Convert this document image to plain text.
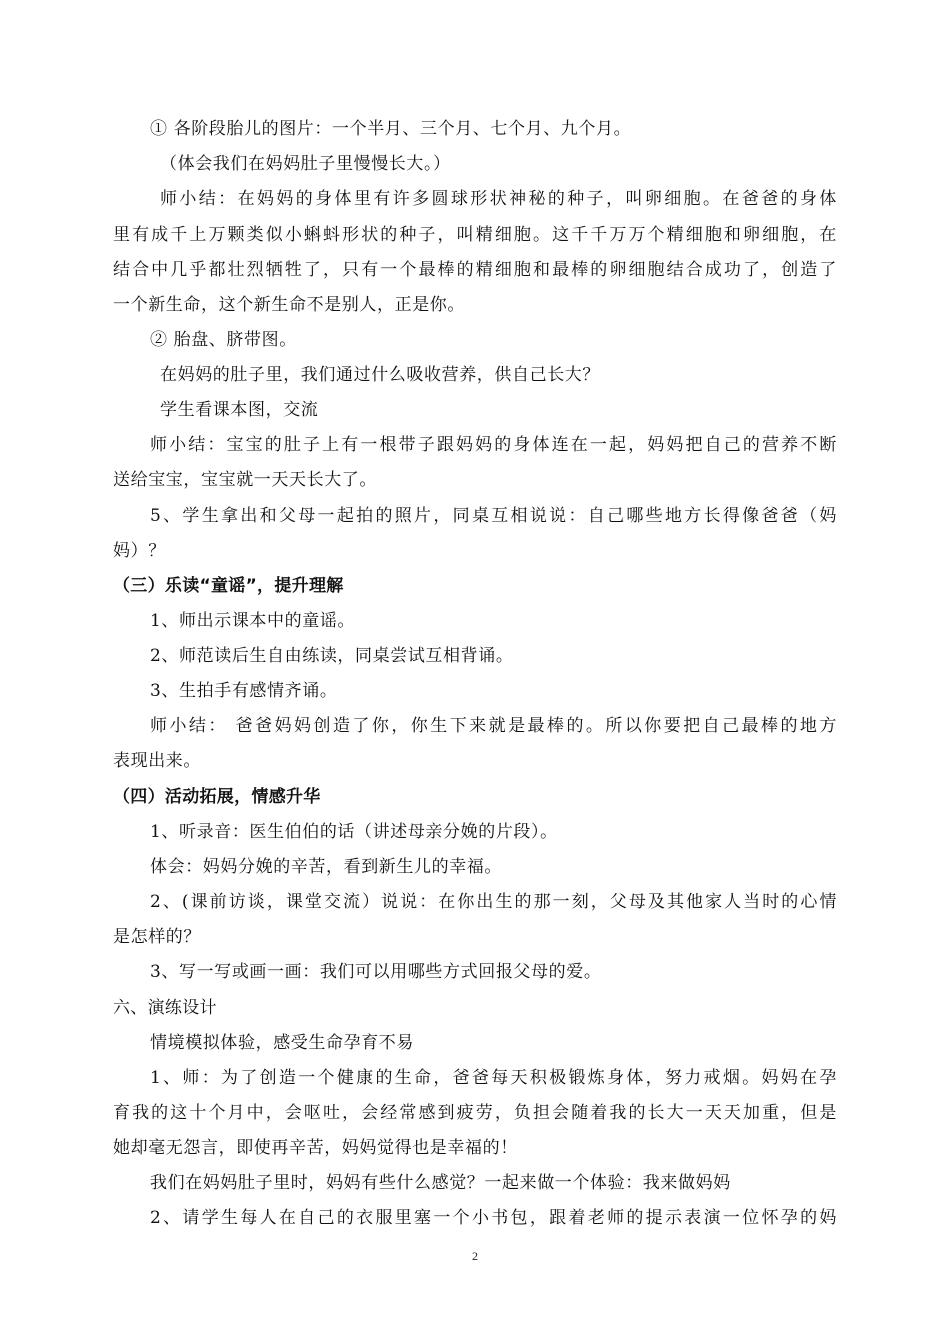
① 各阶段胎儿的图片：一个半月、三个月、七个月、九个月。
（体会我们在妈妈肚子里慢慢长大。）
师小结：在妈妈的身体里有许多圆球形状神秘的种子，叫卵细胞。在爸爸的身体
里有成千上万颗类似小蝌蚪形状的种子，叫精细胞。这千千万万个精细胞和卵细胞，在
结合中几乎都壮烈牺牲了，只有一个最棒的精细胞和最棒的卵细胞结合成功了，创造了
一个新生命，这个新生命不是别人，正是你。
② 胎盘、脐带图。
在妈妈的肚子里，我们通过什么吸收营养，供自己长大？
学生看课本图，交流
师小结：宝宝的肚子上有一根带子跟妈妈的身体连在一起，妈妈把自己的营养不断
送给宝宝，宝宝就一天天长大了。
5、学生拿出和父母一起拍的照片，同桌互相说说：自己哪些地方长得像爸爸（妈
妈）？
（三）乐读“童谣”，提升理解
1、师出示课本中的童谣。
2、师范读后生自由练读，同桌尝试互相背诵。
3、生拍手有感情齐诵。
师小结： 爸爸妈妈创造了你，你生下来就是最棒的。所以你要把自己最棒的地方
表现出来。
（四）活动拓展，情感升华
1、听录音：医生伯伯的话（讲述母亲分娩的片段）。
体会：妈妈分娩的辛苦，看到新生儿的幸福。
2、(课前访谈，课堂交流）说说：在你出生的那一刻，父母及其他家人当时的心情
是怎样的？
3、写一写或画一画：我们可以用哪些方式回报父母的爱。
六、演练设计
情境模拟体验，感受生命孕育不易
1、师：为了创造一个健康的生命，爸爸每天积极锻炼身体，努力戒烟。妈妈在孕
育我的这十个月中，会呕吐，会经常感到疲劳，负担会随着我的长大一天天加重，但是
她却毫无怨言，即使再辛苦，妈妈觉得也是幸福的！
我们在妈妈肚子里时，妈妈有些什么感觉？一起来做一个体验：我来做妈妈
2、请学生每人在自己的衣服里塞一个小书包，跟着老师的提示表演一位怀孕的妈
2
